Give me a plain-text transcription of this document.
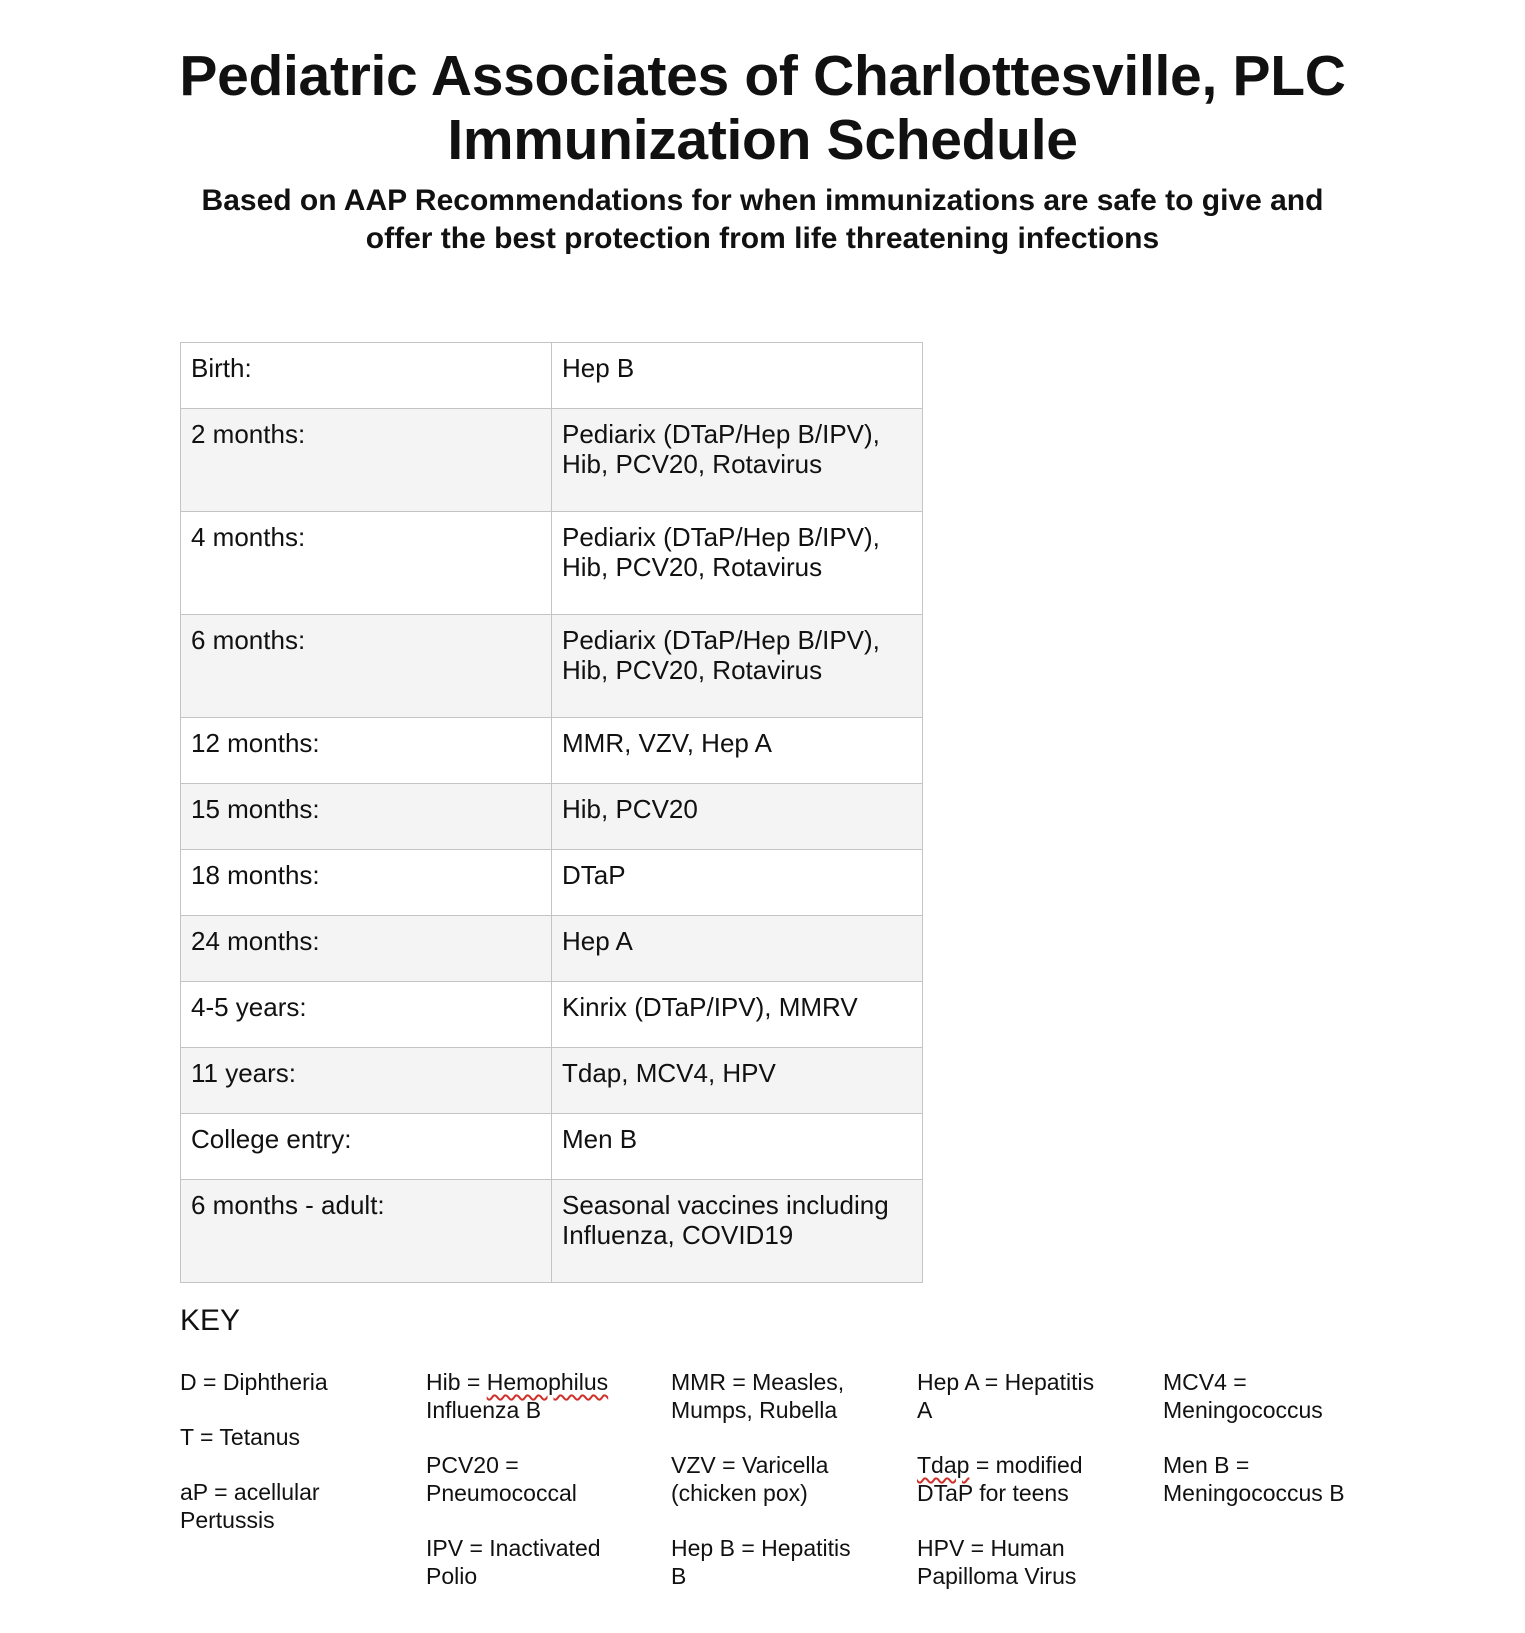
Pediatric Associates of Charlottesville, PLC
Immunization Schedule

Based on AAP Recommendations for when immunizations are safe to give and offer the best protection from life threatening infections

Birth:	Hep B
2 months:	Pediarix (DTaP/Hep B/IPV),
Hib, PCV20, Rotavirus
4 months:	Pediarix (DTaP/Hep B/IPV),
Hib, PCV20, Rotavirus
6 months:	Pediarix (DTaP/Hep B/IPV),
Hib, PCV20, Rotavirus
12 months:	MMR, VZV, Hep A
15 months:	Hib, PCV20
18 months:	DTaP
24 months:	Hep A
4-5 years:	Kinrix (DTaP/IPV), MMRV
11 years:	Tdap, MCV4, HPV
College entry:	Men B
6 months - adult:	Seasonal vaccines including
Influenza, COVID19
KEY

D = Diphtheria

T = Tetanus

aP = acellular
Pertussis

Hib = Hemophilus
Influenza B

PCV20 =
Pneumococcal

IPV = Inactivated
Polio

MMR = Measles,
Mumps, Rubella

VZV = Varicella
(chicken pox)

Hep B = Hepatitis
B

Hep A = Hepatitis
A

Tdap = modified
DTaP for teens

HPV = Human
Papilloma Virus

MCV4 =
Meningococcus

Men B =
Meningococcus B
